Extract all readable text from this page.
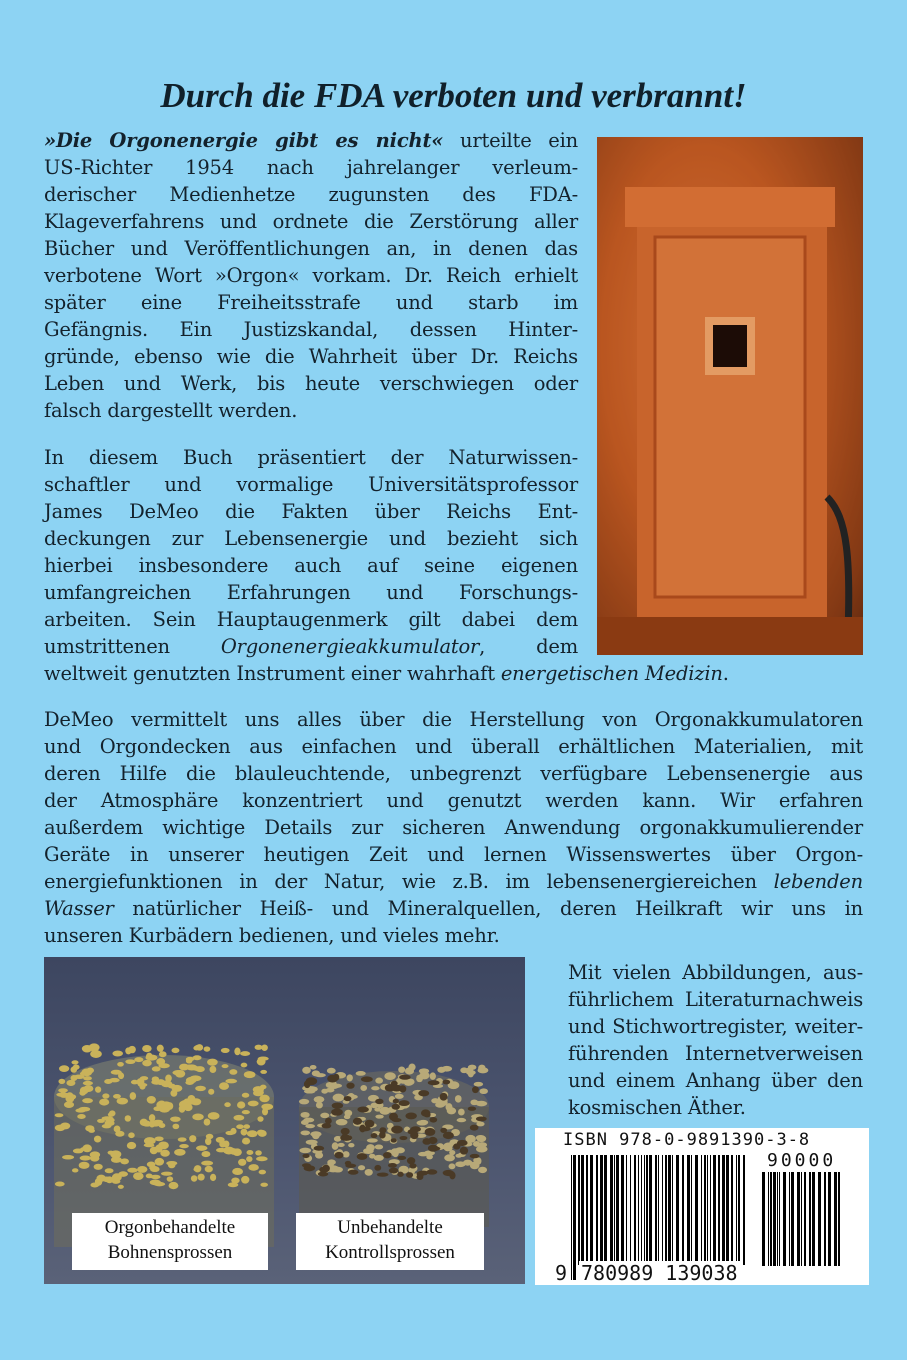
Durch die FDA verboten und verbrannt!
»Die Orgonenergie gibt es nicht« urteilte ein
US-Richter 1954 nach jahrelanger verleum-
derischer Medienhetze zugunsten des FDA-
Klageverfahrens und ordnete die Zerstörung aller
Bücher und Veröffentlichungen an, in denen das
verbotene Wort »Orgon« vorkam. Dr. Reich erhielt
später eine Freiheitsstrafe und starb im
Gefängnis. Ein Justizskandal, dessen Hinter-
gründe, ebenso wie die Wahrheit über Dr. Reichs
Leben und Werk, bis heute verschwiegen oder
falsch dargestellt werden.
In diesem Buch präsentiert der Naturwissen-
schaftler und vormalige Universitätsprofessor
James DeMeo die Fakten über Reichs Ent-
deckungen zur Lebensenergie und bezieht sich
hierbei insbesondere auch auf seine eigenen
umfangreichen Erfahrungen und Forschungs-
arbeiten. Sein Hauptaugenmerk gilt dabei dem
umstrittenen Orgonenergieakkumulator, dem
weltweit genutzten Instrument einer wahrhaft energetischen Medizin.
DeMeo vermittelt uns alles über die Herstellung von Orgonakkumulatoren
und Orgondecken aus einfachen und überall erhältlichen Materialien, mit
deren Hilfe die blauleuchtende, unbegrenzt verfügbare Lebensenergie aus
der Atmosphäre konzentriert und genutzt werden kann. Wir erfahren
außerdem wichtige Details zur sicheren Anwendung orgonakkumulierender
Geräte in unserer heutigen Zeit und lernen Wissenswertes über Orgon-
energiefunktionen in der Natur, wie z.B. im lebensenergiereichen lebenden
Wasser natürlicher Heiß- und Mineralquellen, deren Heilkraft wir uns in
unseren Kurbädern bedienen, und vieles mehr.
Mit vielen Abbildungen, aus-
führlichem Literaturnachweis
und Stichwortregister, weiter-
führenden Internetverweisen
und einem Anhang über den
kosmischen Äther.
Orgonbehandelte
Bohnensprossen
Unbehandelte
Kontrollsprossen
ISBN 978-0-9891390-3-8
90000
9 780989 139038
